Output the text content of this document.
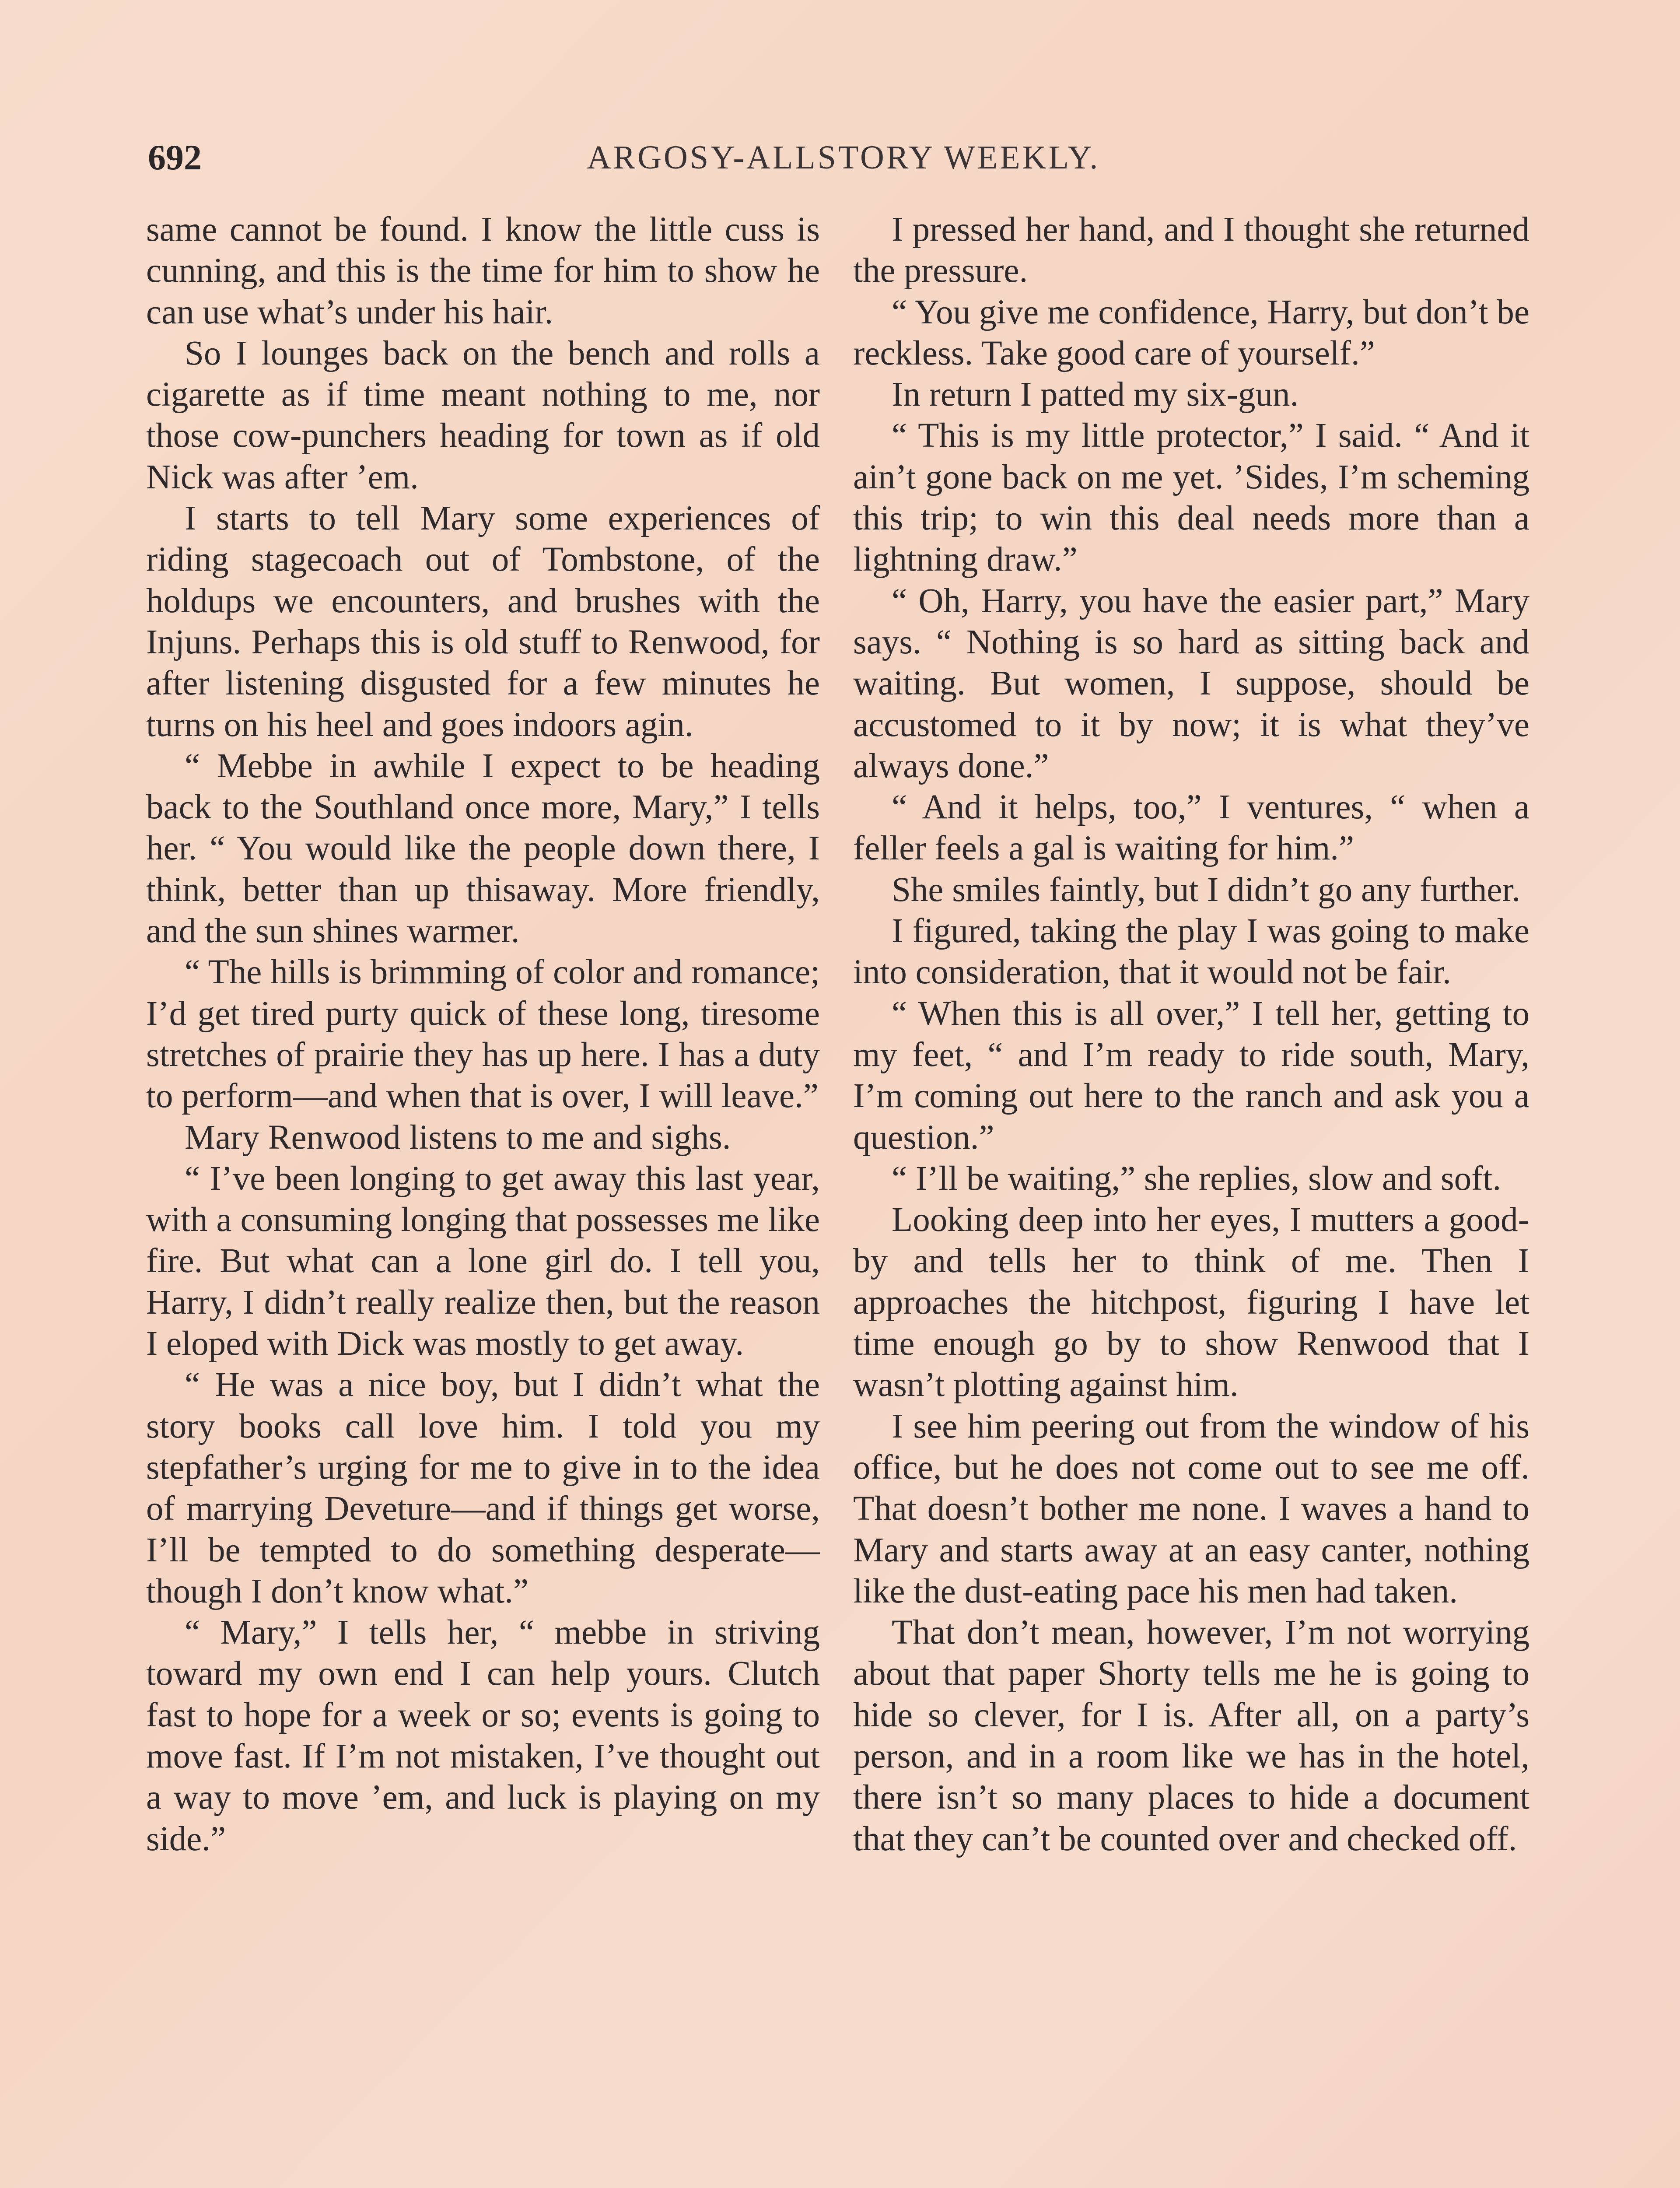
692	ARGOSY-ALLSTORY WEEKLY.

same cannot be found. I know the little cuss is cunning, and this is the time for him to show he can use what’s under his hair.

So I lounges back on the bench and rolls a cigarette as if time meant nothing to me, nor those cow-punchers heading for town as if old Nick was after ’em.

I starts to tell Mary some experiences of riding stagecoach out of Tombstone, of the holdups we encounters, and brushes with the Injuns. Perhaps this is old stuff to Renwood, for after listening disgusted for a few minutes he turns on his heel and goes indoors agin.

“ Mebbe in awhile I expect to be heading back to the Southland once more, Mary,” I tells her. “ You would like the people down there, I think, better than up thisaway. More friendly, and the sun shines warmer.

“ The hills is brimming of color and romance; I’d get tired purty quick of these long, tiresome stretches of prairie they has up here. I has a duty to perform—and when that is over, I will leave.”

Mary Renwood listens to me and sighs.

“ I’ve been longing to get away this last year, with a consuming longing that possesses me like fire. But what can a lone girl do. I tell you, Harry, I didn’t really realize then, but the reason I eloped with Dick was mostly to get away.

“ He was a nice boy, but I didn’t what the story books call love him. I told you my stepfather’s urging for me to give in to the idea of marrying Deveture—and if things get worse, I’ll be tempted to do something desperate—though I don’t know what.”

“ Mary,” I tells her, “ mebbe in striving toward my own end I can help yours. Clutch fast to hope for a week or so; events is going to move fast. If I’m not mistaken, I’ve thought out a way to move ’em, and luck is playing on my side.”

I pressed her hand, and I thought she returned the pressure.

“ You give me confidence, Harry, but don’t be reckless. Take good care of yourself.”

In return I patted my six-gun.

“ This is my little protector,” I said. “ And it ain’t gone back on me yet. ’Sides, I’m scheming this trip; to win this deal needs more than a lightning draw.”

“ Oh, Harry, you have the easier part,” Mary says. “ Nothing is so hard as sitting back and waiting. But women, I suppose, should be accustomed to it by now; it is what they’ve always done.”

“ And it helps, too,” I ventures, “ when a feller feels a gal is waiting for him.”

She smiles faintly, but I didn’t go any further.

I figured, taking the play I was going to make into consideration, that it would not be fair.

“ When this is all over,” I tell her, getting to my feet, “ and I’m ready to ride south, Mary, I’m coming out here to the ranch and ask you a question.”

“ I’ll be waiting,” she replies, slow and soft.

Looking deep into her eyes, I mutters a good-by and tells her to think of me. Then I approaches the hitchpost, figuring I have let time enough go by to show Renwood that I wasn’t plotting against him.

I see him peering out from the window of his office, but he does not come out to see me off. That doesn’t bother me none. I waves a hand to Mary and starts away at an easy canter, nothing like the dust-eating pace his men had taken.

That don’t mean, however, I’m not worrying about that paper Shorty tells me he is going to hide so clever, for I is. After all, on a party’s person, and in a room like we has in the hotel, there isn’t so many places to hide a document that they can’t be counted over and checked off.
